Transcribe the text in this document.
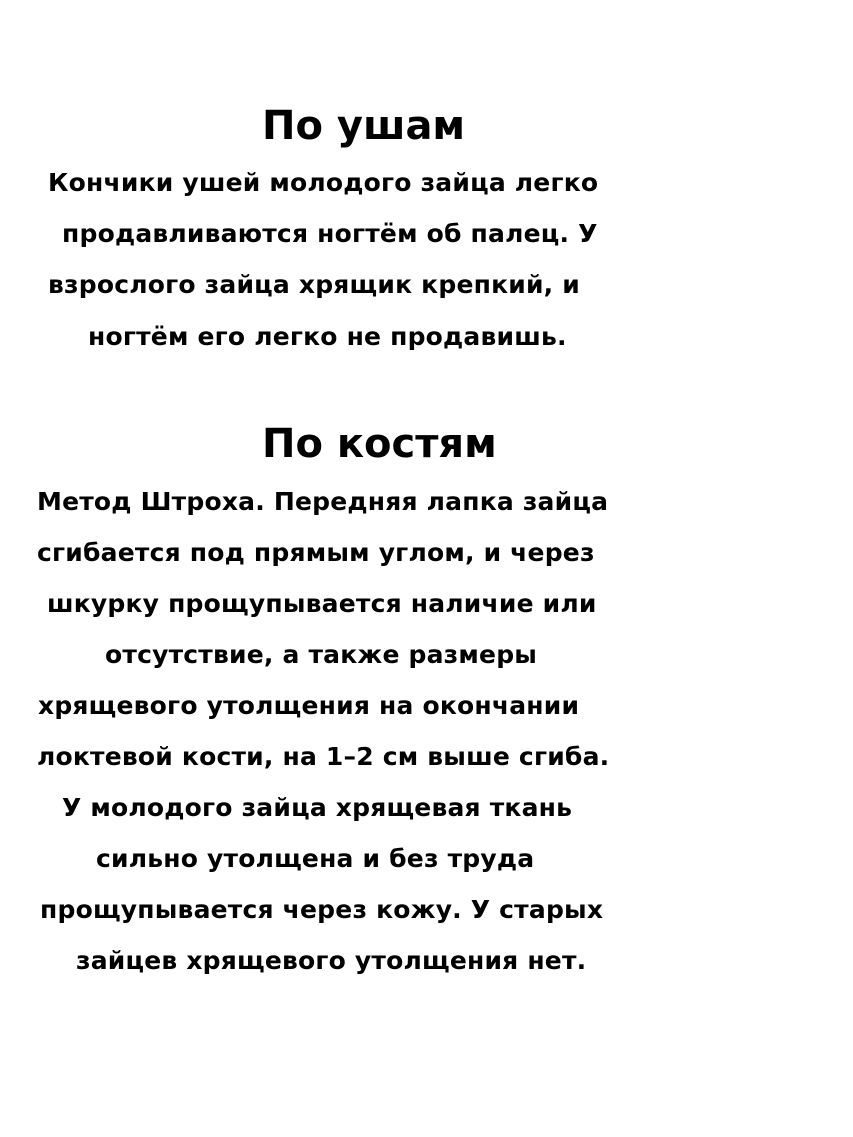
По ушам

Кончики ушей молодого зайца легко

продавливаются ногтём об палец. У

взрослого зайца хрящик крепкий, и

ногтём его легко не продавишь.

По костям

Метод Штроха. Передняя лапка зайца

сгибается под прямым углом, и через

шкурку прощупывается наличие или

отсутствие, а также размеры

хрящевого утолщения на окончании

локтевой кости, на 1–2 см выше сгиба.

У молодого зайца хрящевая ткань

сильно утолщена и без труда

прощупывается через кожу. У старых

зайцев хрящевого утолщения нет.
